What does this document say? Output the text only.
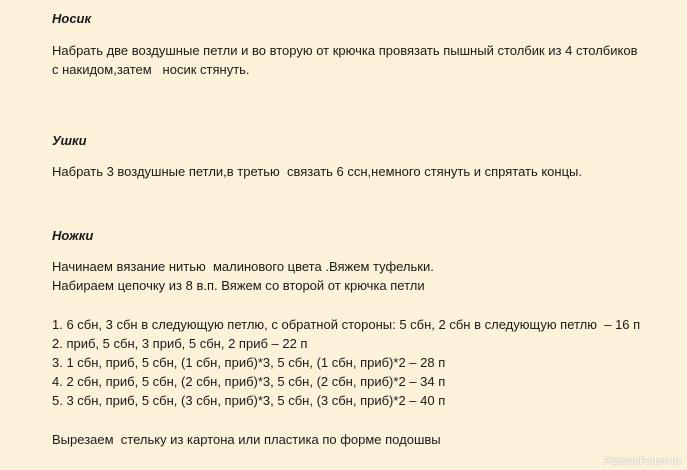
Носик
Набрать две воздушные петли и во вторую от крючка провязать пышный столбик из 4 столбиков
с накидом,затем   носик стянуть.
Ушки
Набрать 3 воздушные петли,в третью  связать 6 ссн,немного стянуть и спрятать концы.
Ножки
Начинаем вязание нитью  малинового цвета .Вяжем туфельки.
Набираем цепочку из 8 в.п. Вяжем со второй от крючка петли
1. 6 сбн, 3 сбн в следующую петлю, с обратной стороны: 5 сбн, 2 сбн в следующую петлю  – 16 п
2. приб, 5 сбн, 3 приб, 5 сбн, 2 приб – 22 п
3. 1 сбн, приб, 5 сбн, (1 сбн, приб)*3, 5 сбн, (1 сбн, приб)*2 – 28 п
4. 2 сбн, приб, 5 сбн, (2 сбн, приб)*3, 5 сбн, (2 сбн, приб)*2 – 34 п
5. 3 сбн, приб, 5 сбн, (3 сбн, приб)*3, 5 сбн, (3 сбн, приб)*2 – 40 п
Вырезаем  стельку из картона или пластика по форме подошвы
PassionForum.ru
